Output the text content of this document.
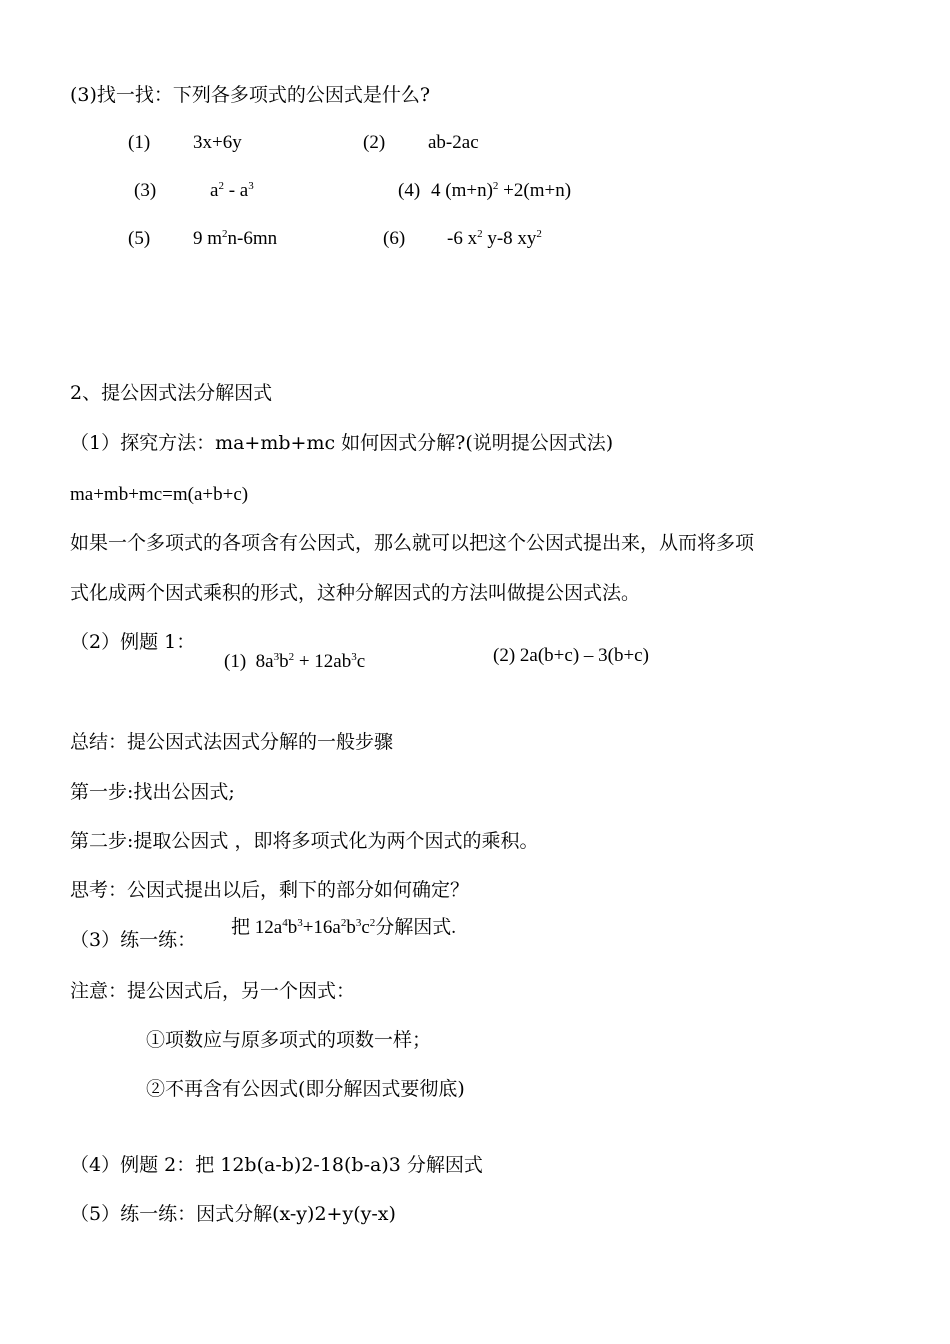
(3)找一找：下列各多项式的公因式是什么?
(1) 3x+6y	(2) ab-2ac
(3)	$a^2 - a^3$	(4) 4 $(m+n)^2 +2(m+n)$
(5) 9 $m^2n-6mn$	(6) -6 $x^2$ y-8 $xy^2$
2、提公因式法分解因式
（1）探究方法：ma+mb+mc 如何因式分解?(说明提公因式法)
ma+mb+mc=m(a+b+c)
如果一个多项式的各项含有公因式，那么就可以把这个公因式提出来，从而将多项
式化成两个因式乘积的形式，这种分解因式的方法叫做提公因式法。
（2）例题 1：
(1) $8a^3b^2 + 12ab^3c$	(2) 2a(b+c) – 3(b+c)
总结：提公因式法因式分解的一般步骤
第一步:找出公因式;
第二步:提取公因式 ，即将多项式化为两个因式的乘积。
思考：公因式提出以后，剩下的部分如何确定？
把 $12a^4b^3+16a^2b^3c^2$分解因式.
（3）练一练：
注意：提公因式后，另一个因式：
①项数应与原多项式的项数一样；
②不再含有公因式(即分解因式要彻底)
（4）例题 2：把 12b(a-b)2-18(b-a)3 分解因式
（5）练一练：因式分解(x-y)2+y(y-x)
